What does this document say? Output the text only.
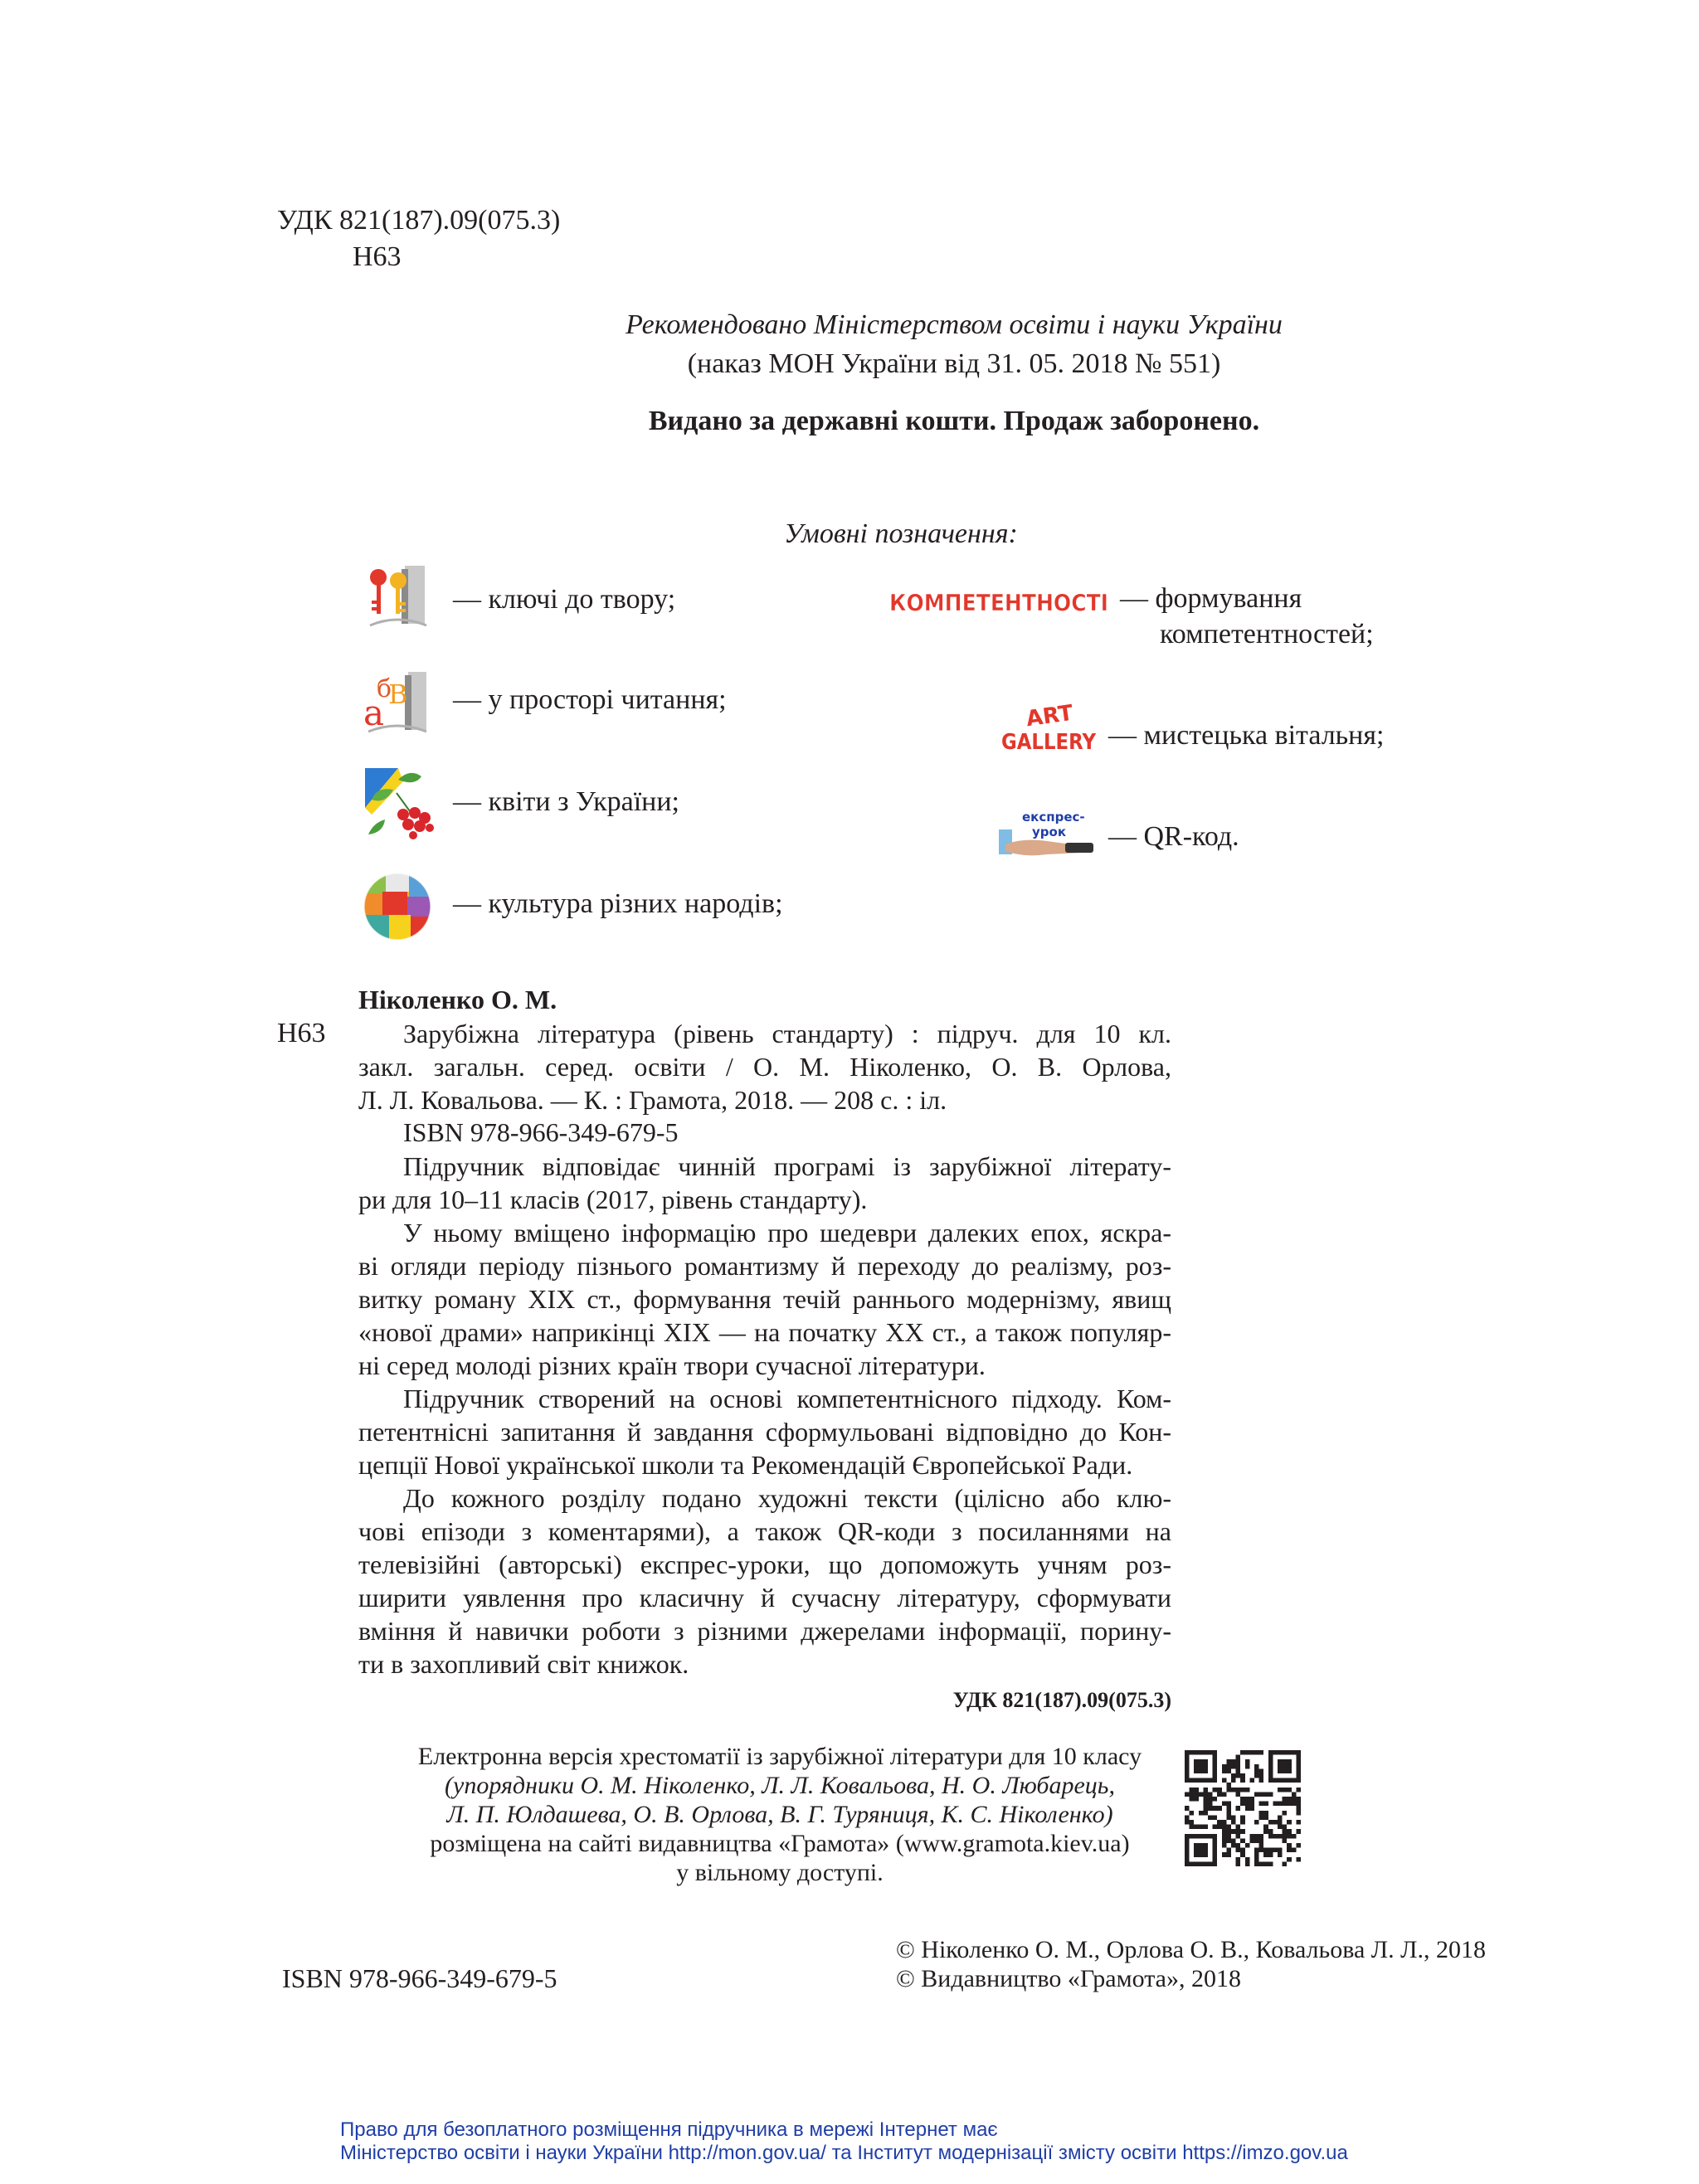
УДК 821(187).09(075.3)
Н63
Рекомендовано Міністерством освіти і науки України
(наказ МОН України від 31. 05. 2018 № 551)
Видано за державні кошти. Продаж заборонено.
Умовні позначення:
— ключі до твору;
б
В
а — у просторі читання;
— квіти з України;
— культура різних народів;
КОМПЕТЕНТНОСТІ — формування
компетентностей;
ART
GALLERY — мистецька вітальня;
експрес-
урок — QR-код.
Ніколенко О. М.
Н63	Зарубіжна література (рівень стандарту) : підруч. для 10 кл.
закл. загальн. серед. освіти / О. М. Ніколенко, О. В. Орлова,
Л. Л. Ковальова. — К. : Грамота, 2018. — 208 с. : іл.
ISBN 978-966-349-679-5
Підручник відповідає чинній програмі із зарубіжної літерату-
ри для 10–11 класів (2017, рівень стандарту).
У ньому вміщено інформацію про шедеври далеких епох, яскра-
ві огляди періоду пізнього романтизму й переходу до реалізму, роз-
витку роману XIX ст., формування течій раннього модернізму, явищ
«нової драми» наприкінці XIX — на початку XX ст., а також популяр-
ні серед молоді різних країн твори сучасної літератури.
Підручник створений на основі компетентнісного підходу. Ком-
петентнісні запитання й завдання сформульовані відповідно до Кон-
цепції Нової української школи та Рекомендацій Європейської Ради.
До кожного розділу подано художні тексти (цілісно або клю-
чові епізоди з коментарями), а також QR-коди з посиланнями на
телевізійні (авторські) експрес-уроки, що допоможуть учням роз-
ширити уявлення про класичну й сучасну літературу, сформувати
вміння й навички роботи з різними джерелами інформації, порину-
ти в захопливий світ книжок.
УДК 821(187).09(075.3)
Електронна версія хрестоматії із зарубіжної літератури для 10 класу
(упорядники О. М. Ніколенко, Л. Л. Ковальова, Н. О. Любарець,
Л. П. Юлдашева, О. В. Орлова, В. Г. Туряниця, К. С. Ніколенко)
розміщена на сайті видавництва «Грамота» (www.gramota.kiev.ua)
у вільному доступі.
ISBN 978-966-349-679-5
© Ніколенко О. М., Орлова О. В., Ковальова Л. Л., 2018
© Видавництво «Грамота», 2018
Право для безоплатного розміщення підручника в мережі Інтернет має
Міністерство освіти і науки України http://mon.gov.ua/ та Інститут модернізації змісту освіти https://imzo.gov.ua
